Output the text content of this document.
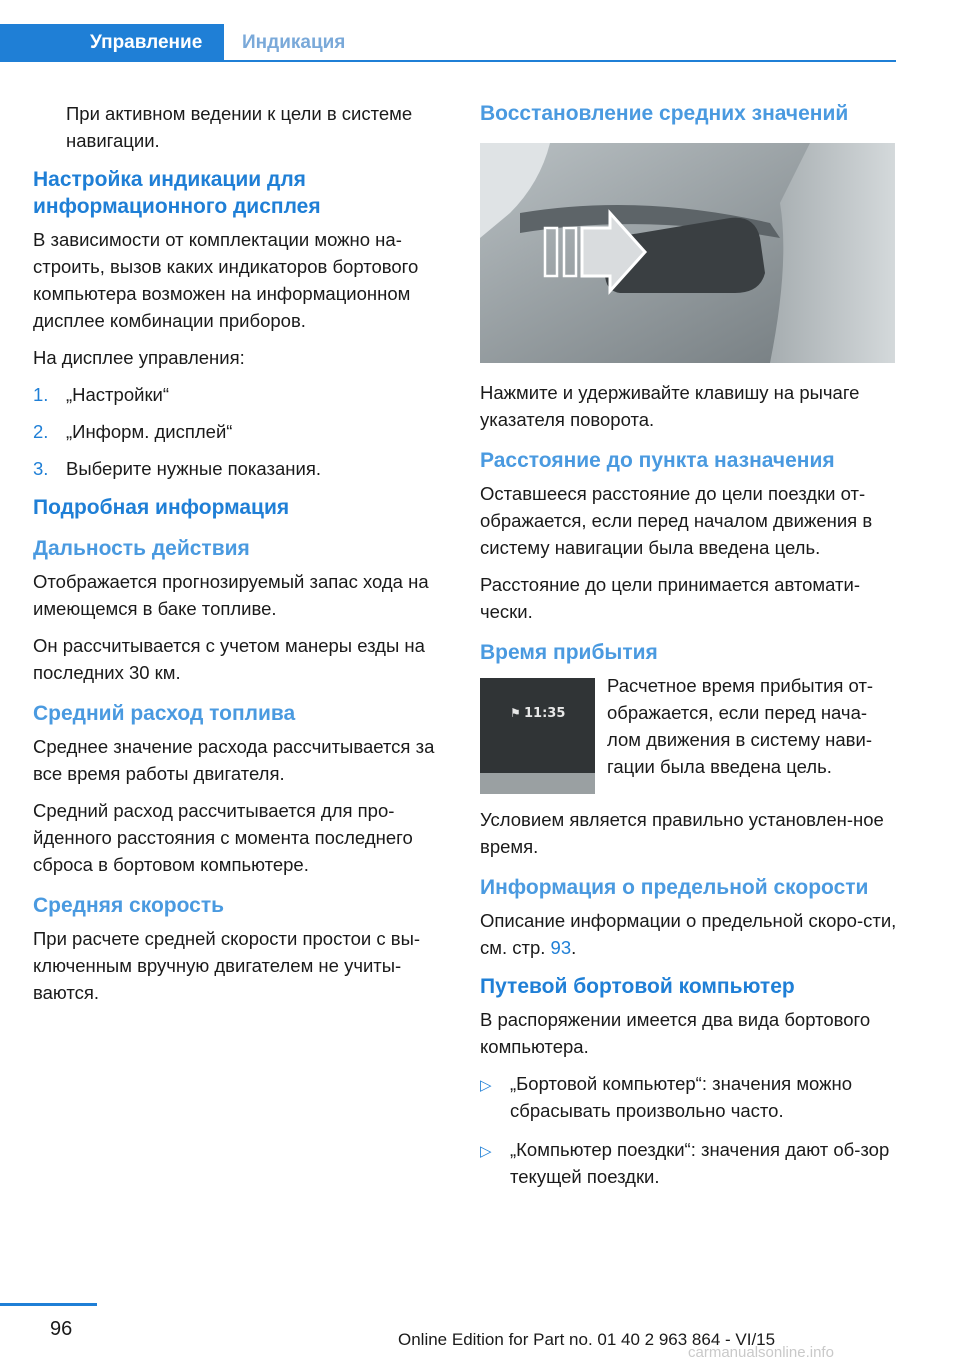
Управление	Индикация

При активном ведении к цели в системе навигации.

Настройка индикации для информационного дисплея

В зависимости от комплектации можно на-строить, вызов каких индикаторов бортового компьютера возможен на информационном дисплее комбинации приборов.

На дисплее управления:

1. „Настройки“
2. „Информ. дисплей“
3. Выберите нужные показания.
Подробная информация
Дальность действия

Отображается прогнозируемый запас хода на имеющемся в баке топливе.

Он рассчитывается с учетом манеры езды на последних 30 км.

Средний расход топлива

Среднее значение расхода рассчитывается за все время работы двигателя.

Средний расход рассчитывается для про-йденного расстояния с момента последнего сброса в бортовом компьютере.

Средняя скорость

При расчете средней скорости простои с вы-ключенным вручную двигателем не учиты-ваются.

Восстановление средних значений

Нажмите и удерживайте клавишу на рычаге указателя поворота.

Расстояние до пункта назначения

Оставшееся расстояние до цели поездки от-ображается, если перед началом движения в систему навигации была введена цель.

Расстояние до цели принимается автомати-чески.

Время прибытия
⚑ 11:35

Расчетное время прибытия от-ображается, если перед нача-лом движения в систему нави-гации была введена цель.

Условием является правильно установлен-ное время.

Информация о предельной скорости

Описание информации о предельной скоро-сти, см. стр. 93.

Путевой бортовой компьютер

В распоряжении имеется два вида бортового компьютера.

▷ „Бортовой компьютер“: значения можно сбрасывать произвольно часто.
▷ „Компьютер поездки“: значения дают об-зор текущей поездки.
96	Online Edition for Part no. 01 40 2 963 864 - VI/15
carmanualsonline.info
